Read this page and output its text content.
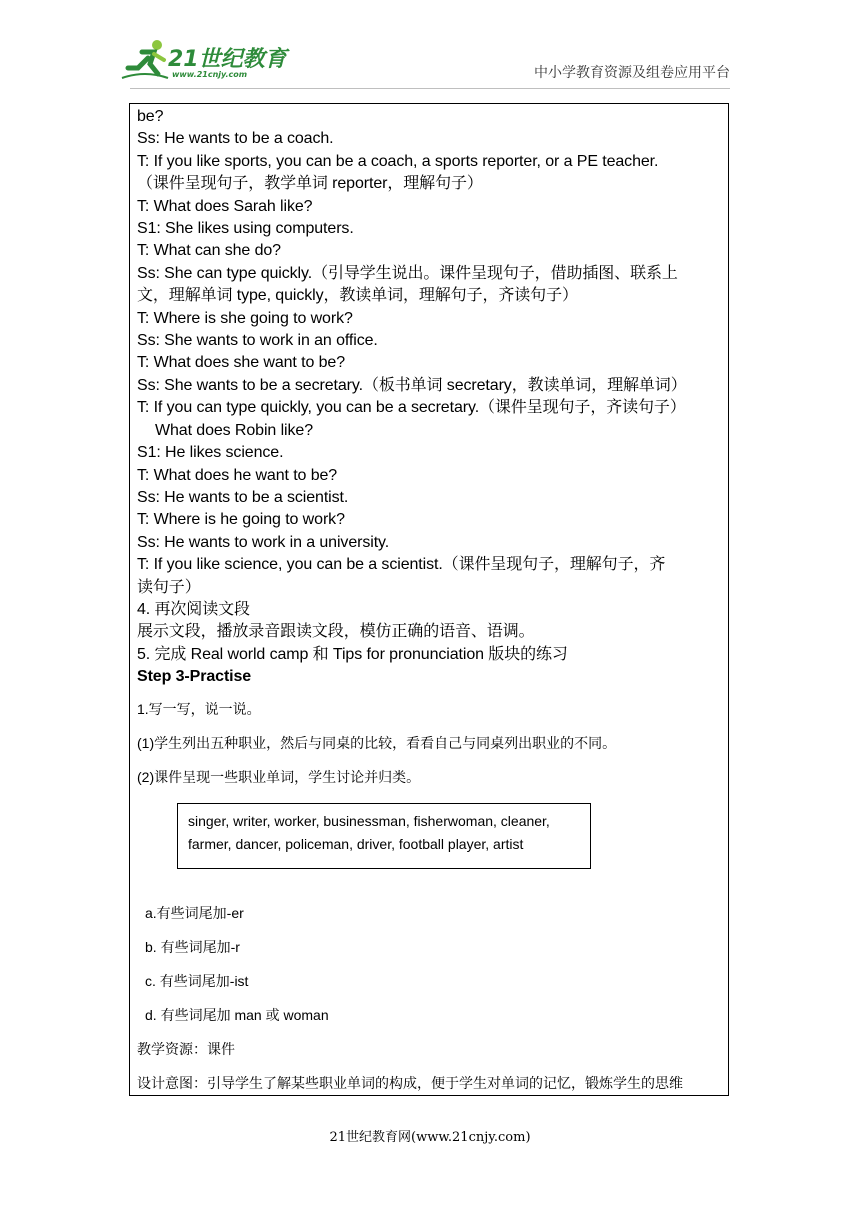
21世纪教育
www.21cnjy.com	中小学教育资源及组卷应用平台
be?
Ss: He wants to be a coach.
T: If you like sports, you can be a coach, a sports reporter, or a PE teacher.
（课件呈现句子，教学单词 reporter，理解句子）
T: What does Sarah like?
S1: She likes using computers.
T: What can she do?
Ss: She can type quickly.（引导学生说出。课件呈现句子，借助插图、联系上
文，理解单词 type, quickly，教读单词，理解句子，齐读句子）
T: Where is she going to work?
Ss: She wants to work in an office.
T: What does she want to be?
Ss: She wants to be a secretary.（板书单词 secretary，教读单词，理解单词）
T: If you can type quickly, you can be a secretary.（课件呈现句子，齐读句子）
What does Robin like?
S1: He likes science.
T: What does he want to be?
Ss: He wants to be a scientist.
T: Where is he going to work?
Ss: He wants to work in a university.
T: If you like science, you can be a scientist.（课件呈现句子，理解句子，齐
读句子）
4. 再次阅读文段
展示文段，播放录音跟读文段，模仿正确的语音、语调。
5. 完成 Real world camp 和 Tips for pronunciation 版块的练习
Step 3-Practise
1.写一写，说一说。
(1)学生列出五种职业，然后与同桌的比较，看看自己与同桌列出职业的不同。
(2)课件呈现一些职业单词，学生讨论并归类。
singer, writer, worker, businessman, fisherwoman, cleaner,
farmer, dancer, policeman, driver, football player, artist
a.有些词尾加-er
b. 有些词尾加-r
c. 有些词尾加-ist
d. 有些词尾加 man 或 woman
教学资源：课件
设计意图：引导学生了解某些职业单词的构成，便于学生对单词的记忆，锻炼学生的思维
21世纪教育网(www.21cnjy.com)
